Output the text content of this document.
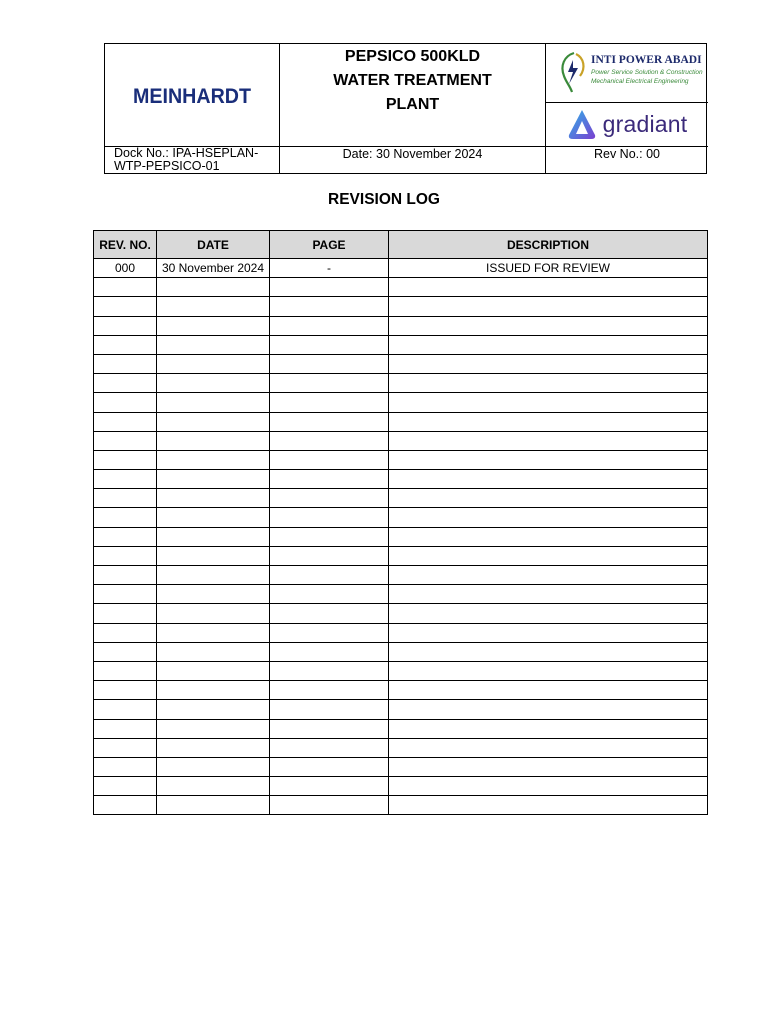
MEINHARDT
PEPSICO 500KLD
WATER TREATMENT
PLANT
INTI POWER ABADI
Power Service Solution & Construction
Mechanical Electrical Engineering
gradiant
Dock No.: IPA-HSEPLAN-WTP-PEPSICO-01
Date: 30 November 2024	Rev No.: 00
REVISION LOG
REV. NO.	DATE	PAGE	DESCRIPTION
000	30 November 2024	-	ISSUED FOR REVIEW
